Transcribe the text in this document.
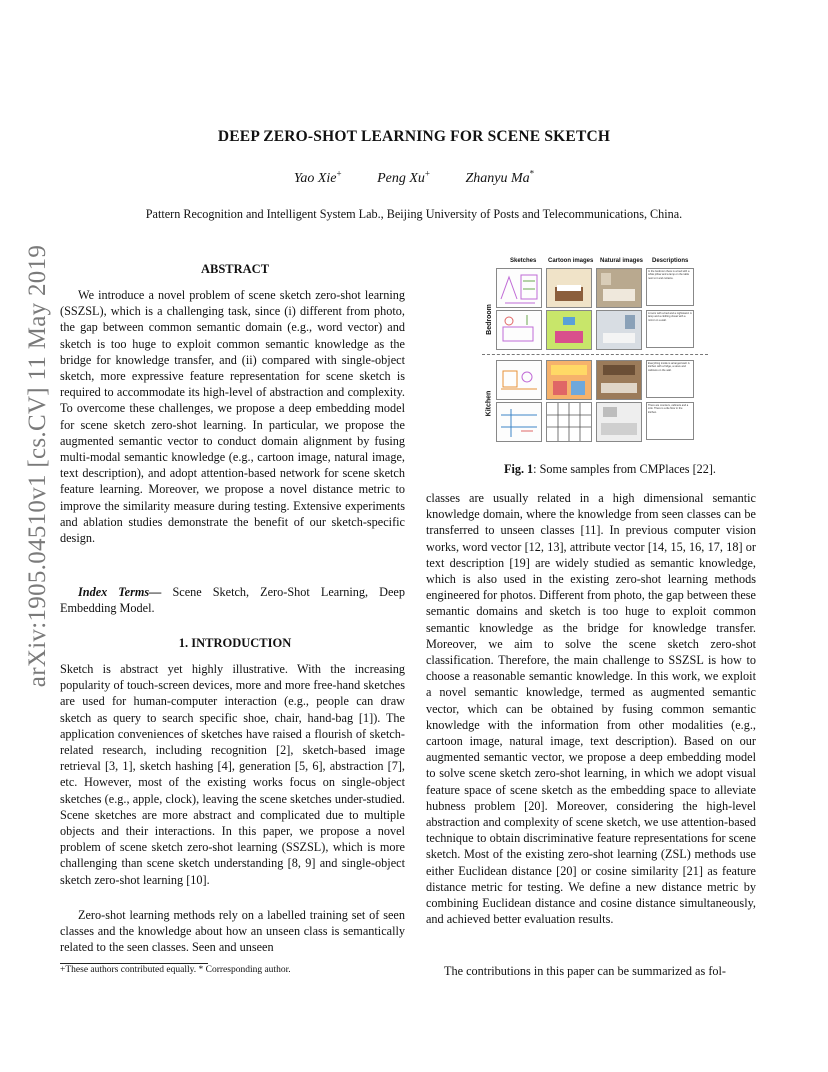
arXiv:1905.04510v1 [cs.CV] 11 May 2019
DEEP ZERO-SHOT LEARNING FOR SCENE SKETCH
Yao Xie+	Peng Xu+	Zhanyu Ma*
Pattern Recognition and Intelligent System Lab., Beijing University of Posts and Telecommunications, China.
ABSTRACT
We introduce a novel problem of scene sketch zero-shot learning (SSZSL), which is a challenging task, since (i) different from photo, the gap between common semantic domain (e.g., word vector) and sketch is too huge to exploit common semantic knowledge as the bridge for knowledge transfer, and (ii) compared with single-object sketch, more expressive feature representation for scene sketch is required to accommodate its high-level of abstraction and complexity. To overcome these challenges, we propose a deep embedding model for scene sketch zero-shot learning. In particular, we propose the augmented semantic vector to conduct domain alignment by fusing multi-modal semantic knowledge (e.g., cartoon image, natural image, text description), and adopt attention-based network for scene sketch feature learning. Moreover, we propose a novel distance metric to improve the similarity measure during testing. Extensive experiments and ablation studies demonstrate the benefit of our sketch-specific design.
Index Terms— Scene Sketch, Zero-Shot Learning, Deep Embedding Model.
1. INTRODUCTION
Sketch is abstract yet highly illustrative. With the increasing popularity of touch-screen devices, more and more free-hand sketches are used for human-computer interaction (e.g., people can draw sketch as query to search specific shoe, chair, hand-bag [1]). The application conveniences of sketches have raised a flourish of sketch-related research, including recognition [2], sketch-based image retrieval [3, 1], sketch hashing [4], generation [5, 6], abstraction [7], etc. However, most of the existing works focus on single-object sketches (e.g., apple, clock), leaving the scene sketches under-studied. Scene sketches are more abstract and complicated due to multiple objects and their interactions. In this paper, we propose a novel problem of scene sketch zero-shot learning (SSZSL), which is more challenging than scene sketch understanding [8, 9] and single-object sketch zero-shot learning [10].
Zero-shot learning methods rely on a labelled training set of seen classes and the knowledge about how an unseen class is semantically related to the seen classes. Seen and unseen
+These authors contributed equally. * Corresponding author.
Sketches Cartoon images Natural images Descriptions
Bedroom
Kitchen
In the bedroom there is a bed with a white pillow and a lamp on the table next to it and curtains.
A room with a bed and a nightstand. A lamp and a clothing closet with a mirror on a wall.
Everything inside is arranged well. A kitchen with a fridge, a stove and cabinets on the wall.
There are counters, cabinets and a sink. There is a tile floor in the kitchen.
Fig. 1: Some samples from CMPlaces [22].
classes are usually related in a high dimensional semantic knowledge domain, where the knowledge from seen classes can be transferred to unseen classes [11]. In previous computer vision works, word vector [12, 13], attribute vector [14, 15, 16, 17, 18] or text description [19] are widely studied as semantic knowledge, which is also used in the existing zero-shot learning methods engineered for photos. Different from photo, the gap between these semantic domains and sketch is too huge to exploit common semantic knowledge as the bridge for knowledge transfer. Moreover, we aim to solve the scene sketch zero-shot classification. Therefore, the main challenge to SSZSL is how to choose a reasonable semantic knowledge. In this work, we exploit a novel semantic knowledge, termed as augmented semantic vector, which can be obtained by fusing common semantic knowledge with the information from other modalities (e.g., cartoon image, natural image, text description). Based on our augmented semantic vector, we propose a deep embedding model to solve scene sketch zero-shot learning, in which we adopt visual feature space of scene sketch as the embedding space to alleviate hubness problem [20]. Moreover, considering the high-level abstraction and complexity of scene sketch, we use attention-based technique to obtain discriminative feature representations for scene sketch. Most of the existing zero-shot learning (ZSL) methods use either Euclidean distance [20] or cosine similarity [21] as feature distance metric for testing. We define a new distance metric by combining Euclidean distance and cosine distance simultaneously, and achieved better evaluation results.
The contributions in this paper can be summarized as fol-
